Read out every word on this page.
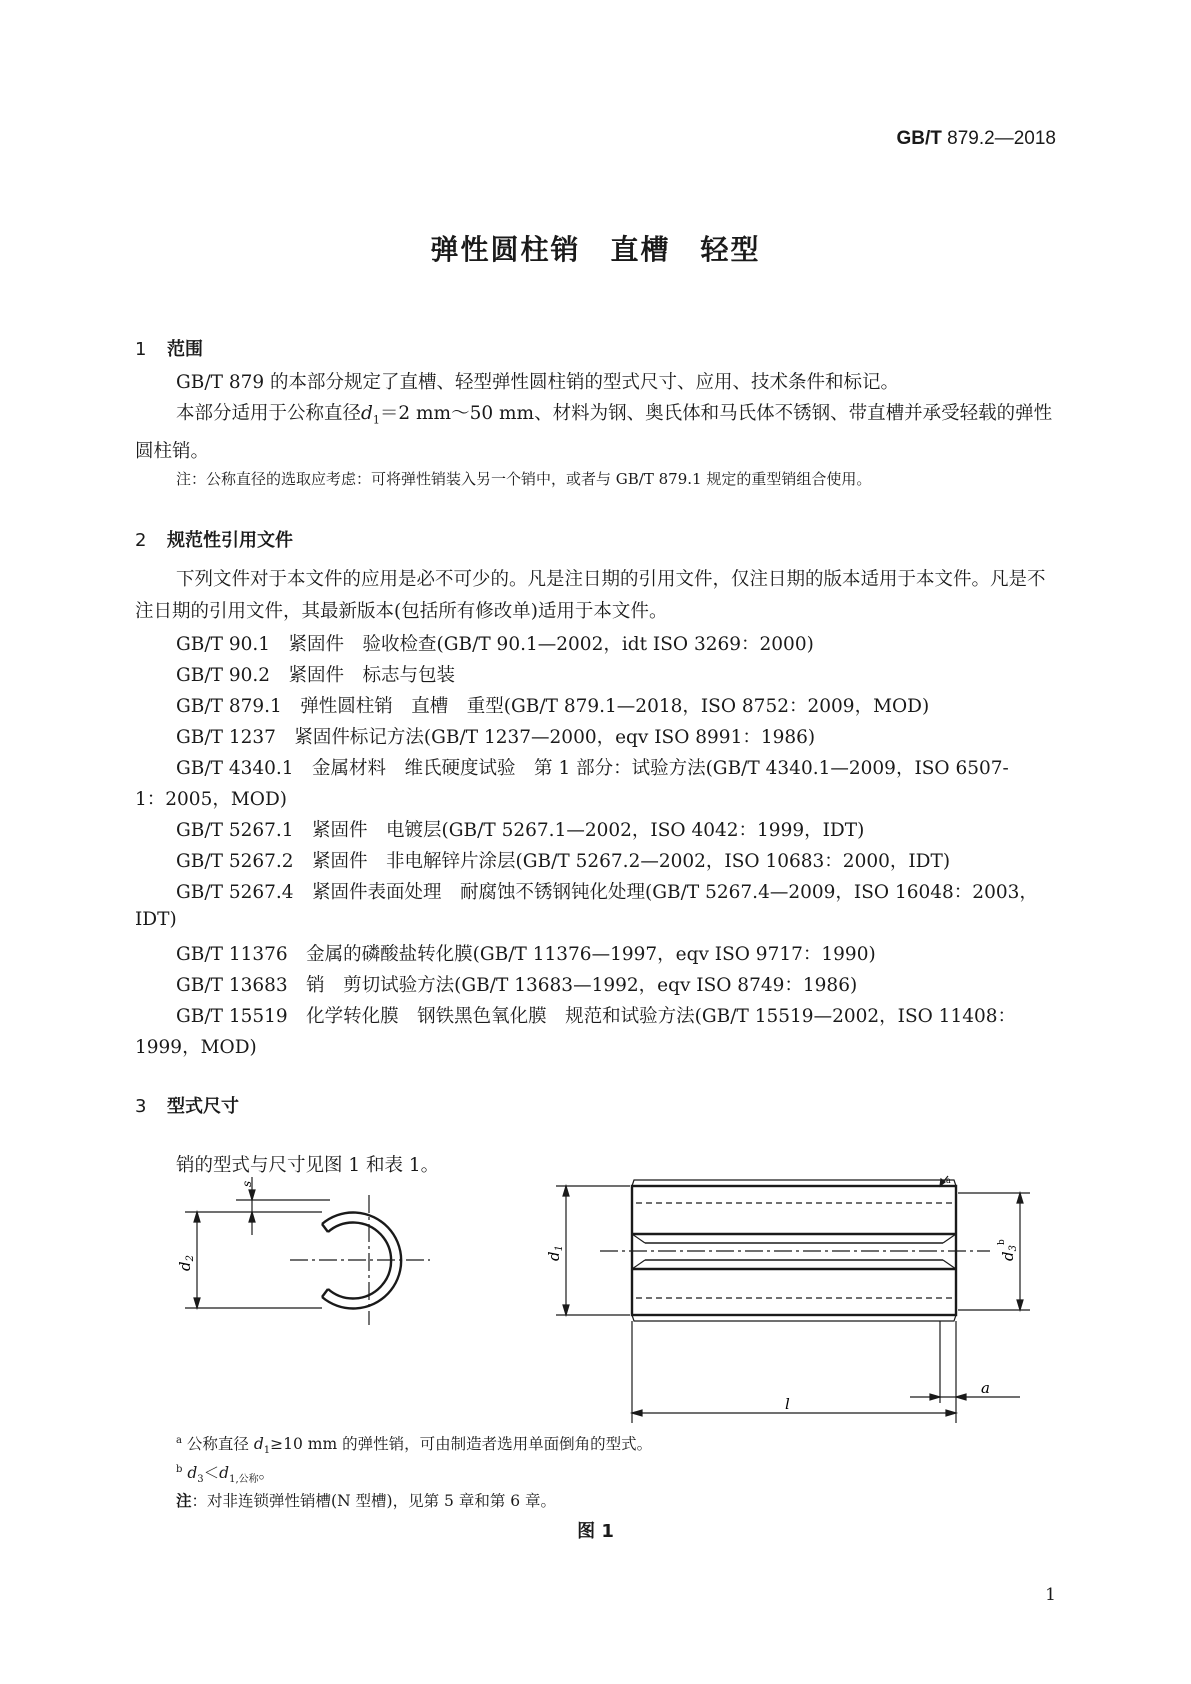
GB/T 879.2—2018
弹性圆柱销　直槽　轻型
1 范围
GB/T 879 的本部分规定了直槽、轻型弹性圆柱销的型式尺寸、应用、技术条件和标记。
本部分适用于公称直径$d_1=2$ mm～50 mm、材料为钢、奥氏体和马氏体不锈钢、带直槽并承受轻载的弹性圆柱销。
注：公称直径的选取应考虑：可将弹性销装入另一个销中，或者与 GB/T 879.1 规定的重型销组合使用。
2 规范性引用文件
下列文件对于本文件的应用是必不可少的。凡是注日期的引用文件，仅注日期的版本适用于本文件。凡是不注日期的引用文件，其最新版本(包括所有修改单)适用于本文件。
GB/T 90.1　紧固件　验收检查(GB/T 90.1—2002，idt ISO 3269：2000)
GB/T 90.2　紧固件　标志与包装
GB/T 879.1　弹性圆柱销　直槽　重型(GB/T 879.1—2018，ISO 8752：2009，MOD)
GB/T 1237　紧固件标记方法(GB/T 1237—2000，eqv ISO 8991：1986)
GB/T 4340.1　金属材料　维氏硬度试验　第 1 部分：试验方法(GB/T 4340.1—2009，ISO 6507-
1：2005，MOD)
GB/T 5267.1　紧固件　电镀层(GB/T 5267.1—2002，ISO 4042：1999，IDT)
GB/T 5267.2　紧固件　非电解锌片涂层(GB/T 5267.2—2002，ISO 10683：2000，IDT)
GB/T 5267.4　紧固件表面处理　耐腐蚀不锈钢钝化处理(GB/T 5267.4—2009，ISO 16048：2003，
IDT)
GB/T 11376　金属的磷酸盐转化膜(GB/T 11376—1997，eqv ISO 9717：1990)
GB/T 13683　销　剪切试验方法(GB/T 13683—1992，eqv ISO 8749：1986)
GB/T 15519　化学转化膜　钢铁黑色氧化膜　规范和试验方法(GB/T 15519—2002，ISO 11408：
1999，MOD)
3 型式尺寸
销的型式与尺寸见图 1 和表 1。
s
$d_2$	$d_1$
$d_3^b$
l
a
a
$^a$ 公称直径 $d_1\ge 10$ mm 的弹性销，可由制造者选用单面倒角的型式。
$^b$ $d_3<d_{1,公称}$。
注：对非连锁弹性销槽(N 型槽)，见第 5 章和第 6 章。
图 1
1
